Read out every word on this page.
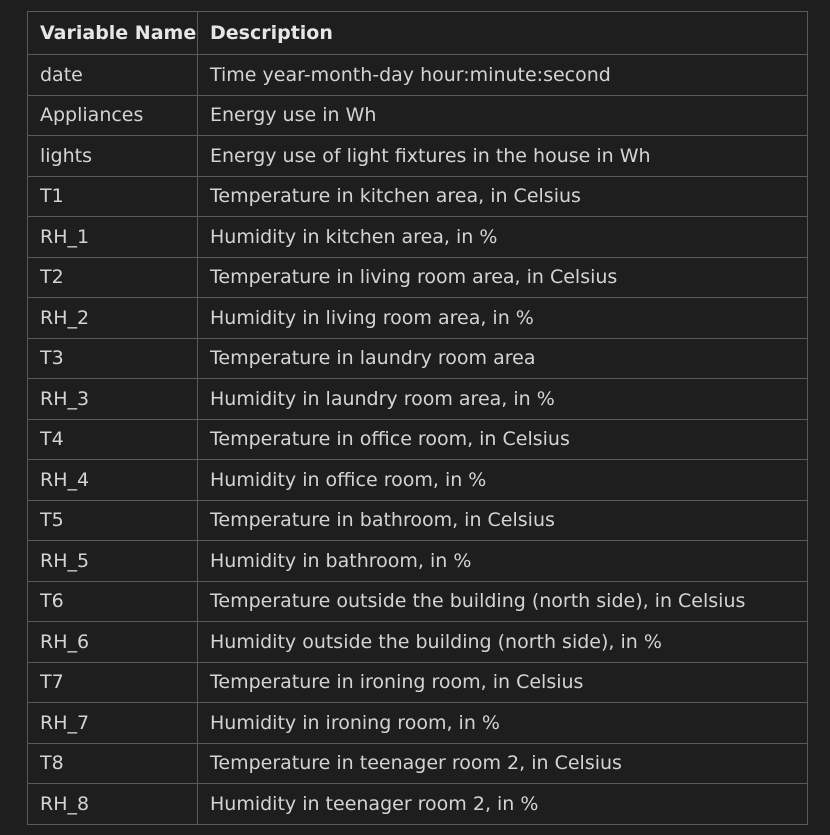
Variable Name	Description
date	Time year-month-day hour:minute:second
Appliances	Energy use in Wh
lights	Energy use of light fixtures in the house in Wh
T1	Temperature in kitchen area, in Celsius
RH_1	Humidity in kitchen area, in %
T2	Temperature in living room area, in Celsius
RH_2	Humidity in living room area, in %
T3	Temperature in laundry room area
RH_3	Humidity in laundry room area, in %
T4	Temperature in office room, in Celsius
RH_4	Humidity in office room, in %
T5	Temperature in bathroom, in Celsius
RH_5	Humidity in bathroom, in %
T6	Temperature outside the building (north side), in Celsius
RH_6	Humidity outside the building (north side), in %
T7	Temperature in ironing room, in Celsius
RH_7	Humidity in ironing room, in %
T8	Temperature in teenager room 2, in Celsius
RH_8	Humidity in teenager room 2, in %
